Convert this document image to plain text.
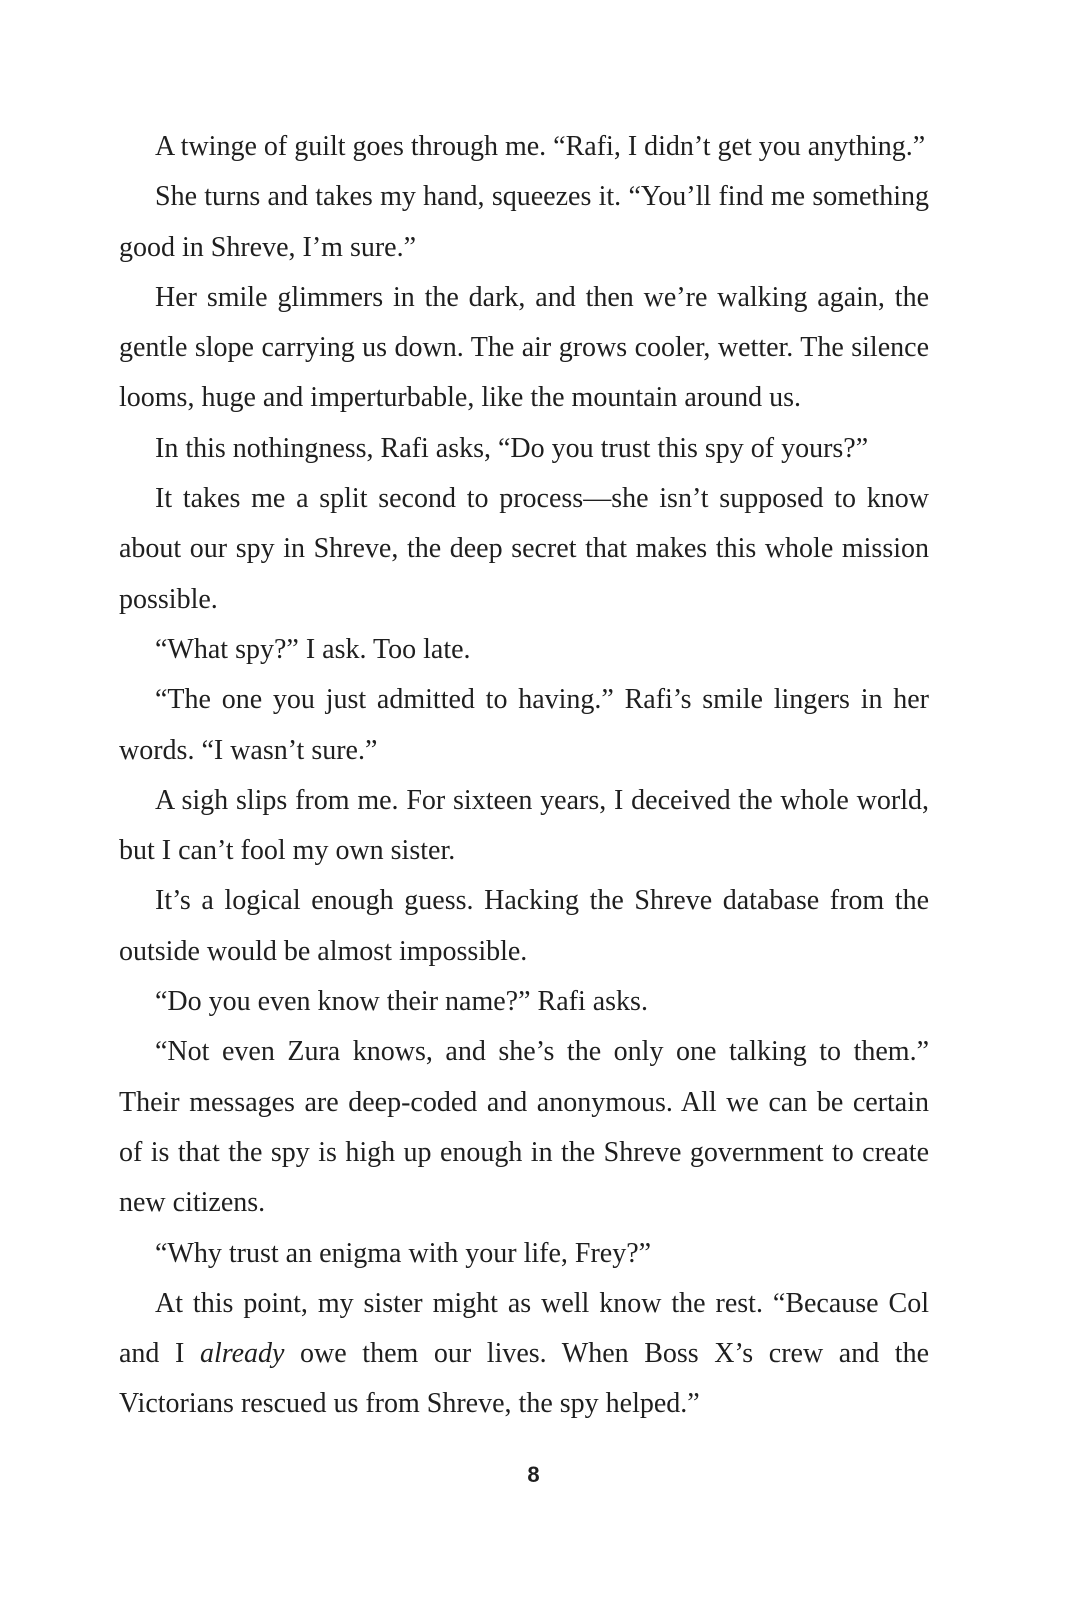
A twinge of guilt goes through me. “Rafi, I didn’t get you anything.”

She turns and takes my hand, squeezes it. “You’ll find me something good in Shreve, I’m sure.”

Her smile glimmers in the dark, and then we’re walking again, the gentle slope carrying us down. The air grows cooler, wetter. The silence looms, huge and imperturbable, like the mountain around us.

In this nothingness, Rafi asks, “Do you trust this spy of yours?”

It takes me a split second to process—she isn’t supposed to know about our spy in Shreve, the deep secret that makes this whole mission possible.

“What spy?” I ask. Too late.

“The one you just admitted to having.” Rafi’s smile lingers in her words. “I wasn’t sure.”

A sigh slips from me. For sixteen years, I deceived the whole world, but I can’t fool my own sister.

It’s a logical enough guess. Hacking the Shreve database from the outside would be almost impossible.

“Do you even know their name?” Rafi asks.

“Not even Zura knows, and she’s the only one talking to them.” Their messages are deep-coded and anonymous. All we can be certain of is that the spy is high up enough in the Shreve government to create new citizens.

“Why trust an enigma with your life, Frey?”

At this point, my sister might as well know the rest. “Because Col and I already owe them our lives. When Boss X’s crew and the Victorians rescued us from Shreve, the spy helped.”

8
